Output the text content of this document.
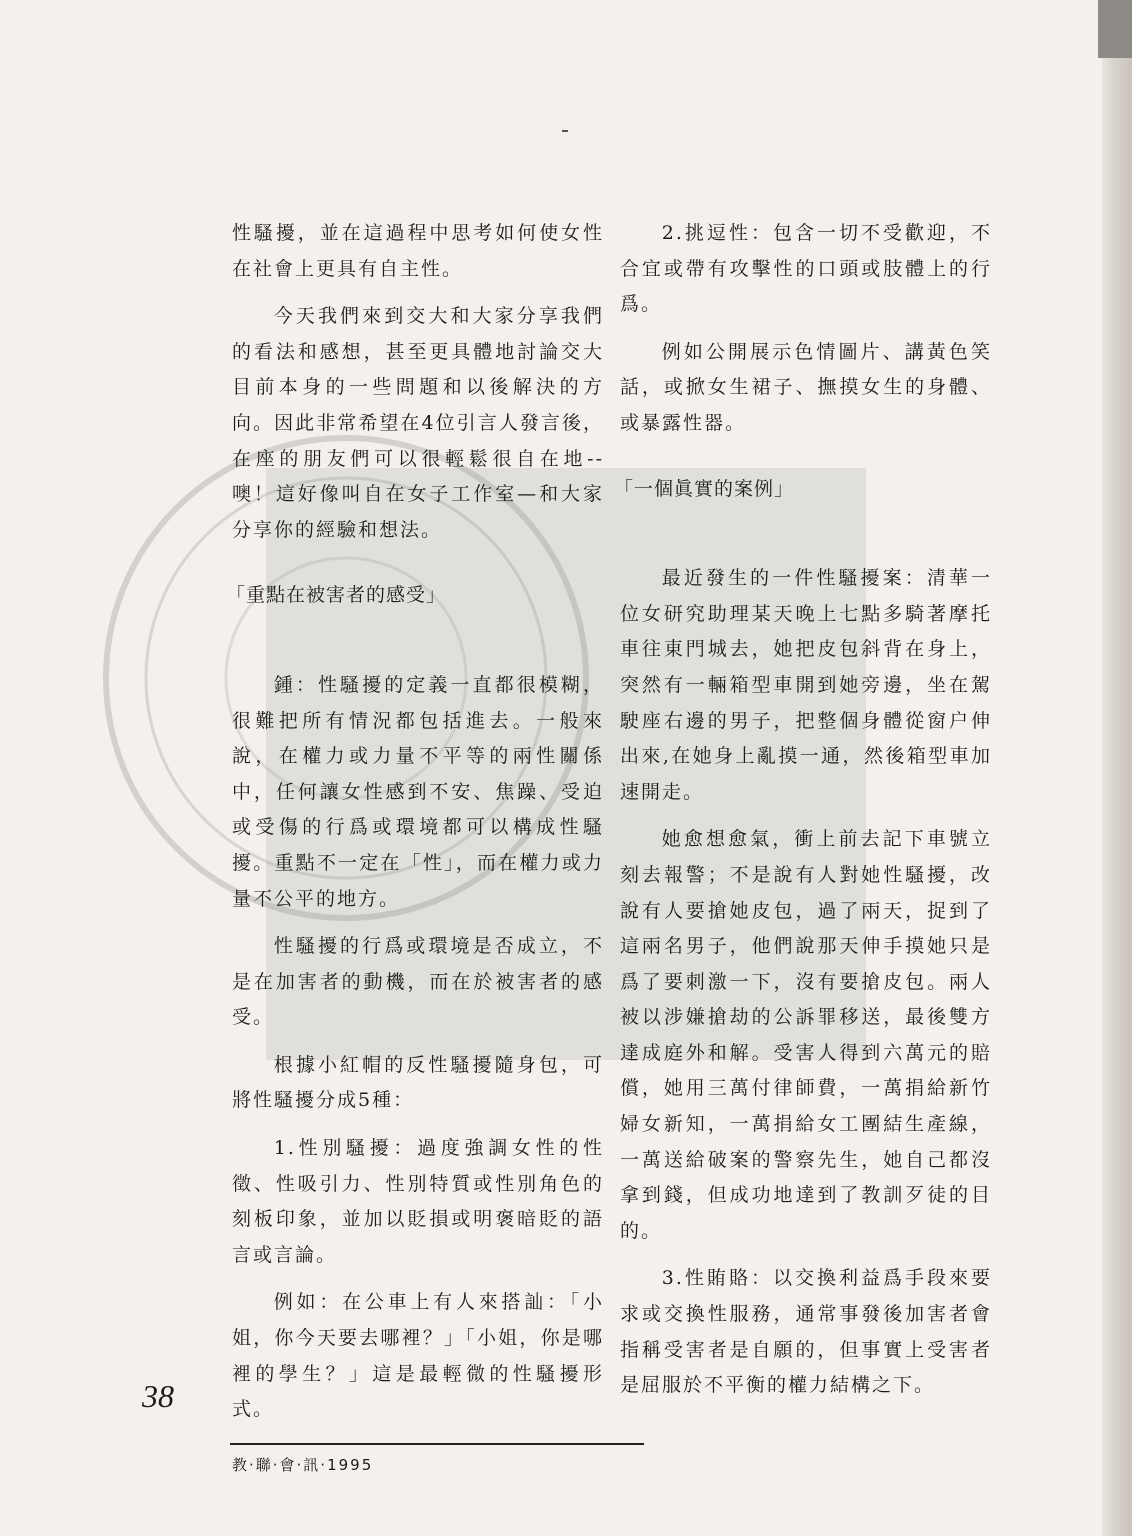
性騷擾，並在這過程中思考如何使女性在社會上更具有自主性。

今天我們來到交大和大家分享我們的看法和感想，甚至更具體地討論交大目前本身的一些問題和以後解決的方向。因此非常希望在4位引言人發言後，在座的朋友們可以很輕鬆很自在地--噢！這好像叫自在女子工作室—和大家分享你的經驗和想法。

「重點在被害者的感受」

鍾：性騷擾的定義一直都很模糊，很難把所有情況都包括進去。一般來說，在權力或力量不平等的兩性關係中，任何讓女性感到不安、焦躁、受迫或受傷的行爲或環境都可以構成性騷擾。重點不一定在「性」，而在權力或力量不公平的地方。

性騷擾的行爲或環境是否成立，不是在加害者的動機，而在於被害者的感受。

根據小紅帽的反性騷擾隨身包，可將性騷擾分成5種：

1.性別騷擾：過度強調女性的性徵、性吸引力、性別特質或性別角色的刻板印象，並加以貶損或明褒暗貶的語言或言論。

例如：在公車上有人來搭訕：「小姐，你今天要去哪裡？」「小姐，你是哪裡的學生？」這是最輕微的性騷擾形式。

2.挑逗性：包含一切不受歡迎，不合宜或帶有攻擊性的口頭或肢體上的行爲。

例如公開展示色情圖片、講黃色笑話，或掀女生裙子、撫摸女生的身體、或暴露性器。

「一個眞實的案例」

最近發生的一件性騷擾案：清華一位女研究助理某天晚上七點多騎著摩托車往東門城去，她把皮包斜背在身上，突然有一輛箱型車開到她旁邊，坐在駕駛座右邊的男子，把整個身體從窗户伸出來,在她身上亂摸一通，然後箱型車加速開走。

她愈想愈氣，衝上前去記下車號立刻去報警；不是說有人對她性騷擾，改說有人要搶她皮包，過了兩天，捉到了這兩名男子，他們說那天伸手摸她只是爲了要刺激一下，沒有要搶皮包。兩人被以涉嫌搶劫的公訴罪移送，最後雙方達成庭外和解。受害人得到六萬元的賠償，她用三萬付律師費，一萬捐給新竹婦女新知，一萬捐給女工團結生產線，一萬送給破案的警察先生，她自己都沒拿到錢，但成功地達到了教訓歹徒的目的。

3.性賄賂：以交換利益爲手段來要求或交換性服務，通常事發後加害者會指稱受害者是自願的，但事實上受害者是屈服於不平衡的權力結構之下。

38
教·聯·會·訊·1995
